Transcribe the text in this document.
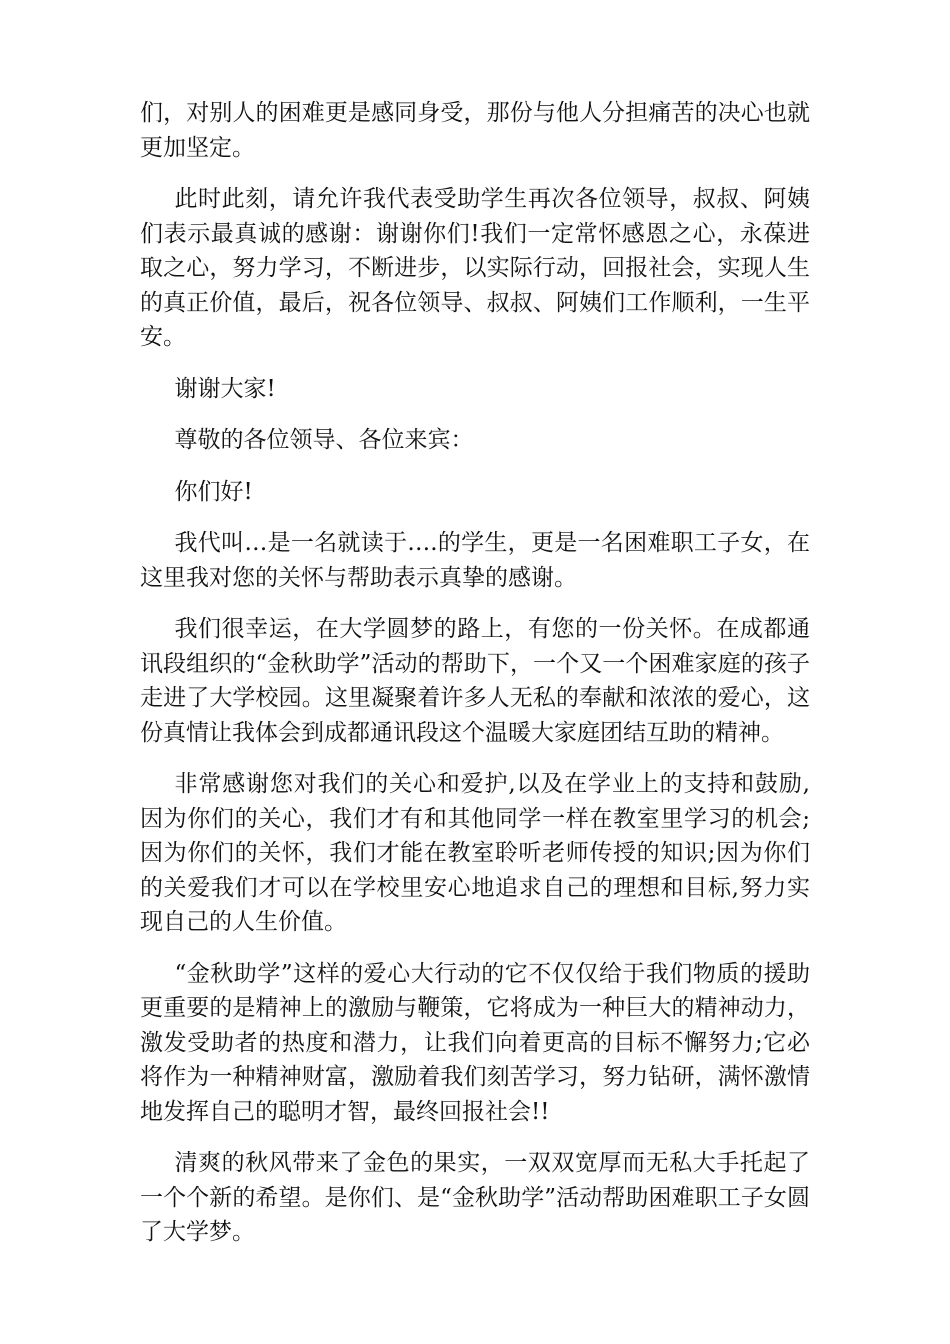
们，对别人的困难更是感同身受，那份与他人分担痛苦的决心也就更加坚定。

此时此刻，请允许我代表受助学生再次各位领导，叔叔、阿姨们表示最真诚的感谢：谢谢你们!我们一定常怀感恩之心，永葆进取之心，努力学习，不断进步，以实际行动，回报社会，实现人生的真正价值，最后，祝各位领导、叔叔、阿姨们工作顺利，一生平安。

谢谢大家!

尊敬的各位领导、各位来宾：

你们好!

我代叫…是一名就读于….的学生，更是一名困难职工子女，在这里我对您的关怀与帮助表示真挚的感谢。

我们很幸运，在大学圆梦的路上，有您的一份关怀。在成都通讯段组织的“金秋助学”活动的帮助下，一个又一个困难家庭的孩子走进了大学校园。这里凝聚着许多人无私的奉献和浓浓的爱心，这份真情让我体会到成都通讯段这个温暖大家庭团结互助的精神。

非常感谢您对我们的关心和爱护,以及在学业上的支持和鼓励,因为你们的关心，我们才有和其他同学一样在教室里学习的机会;因为你们的关怀，我们才能在教室聆听老师传授的知识;因为你们的关爱我们才可以在学校里安心地追求自己的理想和目标,努力实现自己的人生价值。

“金秋助学”这样的爱心大行动的它不仅仅给于我们物质的援助更重要的是精神上的激励与鞭策，它将成为一种巨大的精神动力，激发受助者的热度和潜力，让我们向着更高的目标不懈努力;它必将作为一种精神财富，激励着我们刻苦学习，努力钻研，满怀激情地发挥自己的聪明才智，最终回报社会!!

清爽的秋风带来了金色的果实，一双双宽厚而无私大手托起了一个个新的希望。是你们、是“金秋助学”活动帮助困难职工子女圆了大学梦。
